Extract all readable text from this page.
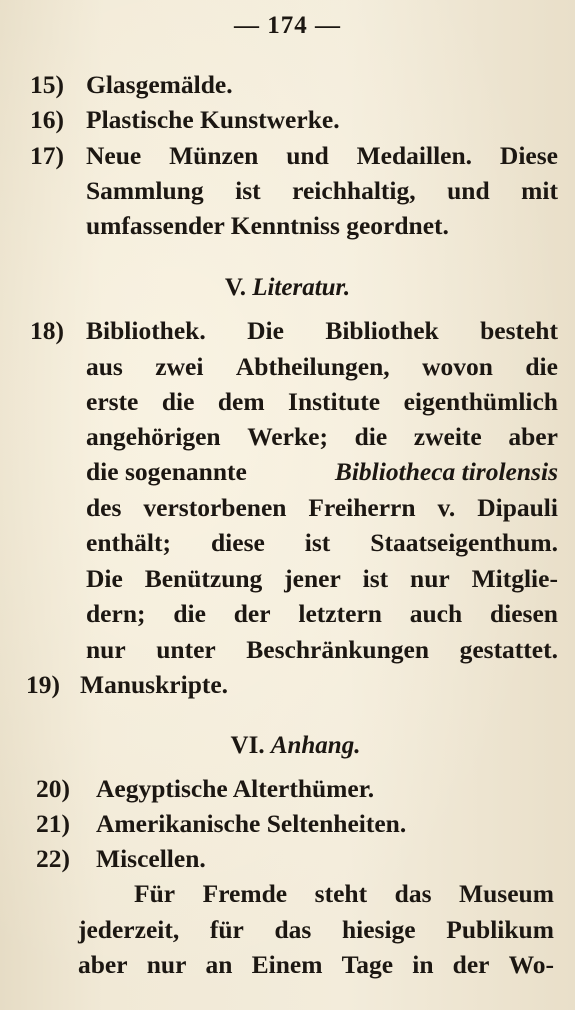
— 174 —
15) Glasgemälde.
16) Plastische Kunstwerke.
17) Neue Münzen und Medaillen. Diese
Sammlung ist reichhaltig, und mit
umfassender Kenntniss geordnet.
V. Literatur.
18) Bibliothek. Die Bibliothek besteht
aus zwei Abtheilungen, wovon die
erste die dem Institute eigenthümlich
angehörigen Werke; die zweite aber
die sogenannte	Bibliotheca tirolensis
des verstorbenen Freiherrn v. Dipauli
enthält; diese ist Staatseigenthum.
Die Benützung jener ist nur Mitglie-
dern; die der letztern auch diesen
nur unter Beschränkungen gestattet.
19) Manuskripte.
VI. Anhang.
20) Aegyptische Alterthümer.
21) Amerikanische Seltenheiten.
22) Miscellen.
Für Fremde steht das Museum
jederzeit, für das hiesige Publikum
aber nur an Einem Tage in der Wo-
